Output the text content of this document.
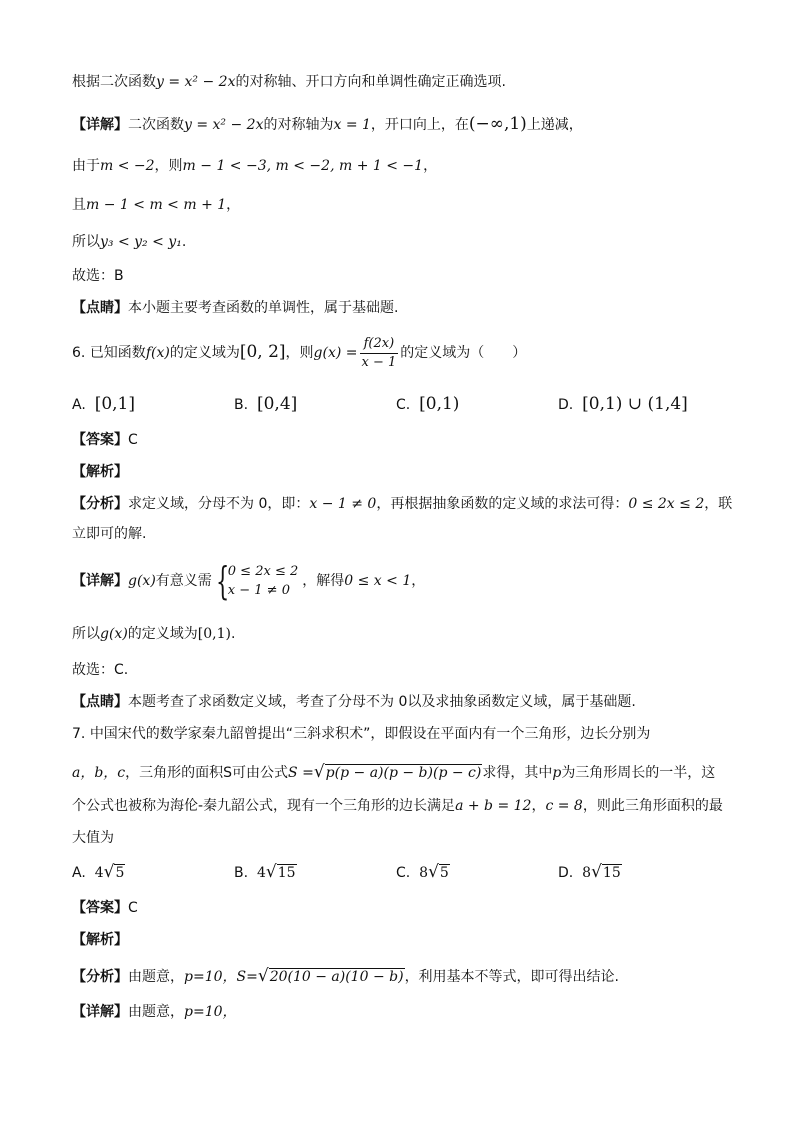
根据二次函数y = x² − 2x的对称轴、开口方向和单调性确定正确选项.
【详解】二次函数y = x² − 2x的对称轴为x = 1，开口向上，在(−∞,1)上递减，
由于m < −2，则m − 1 < −3, m < −2, m + 1 < −1，
且m − 1 < m < m + 1，
所以y₃ < y₂ < y₁.
故选：B
【点睛】本小题主要考查函数的单调性，属于基础题.
6. 已知函数f(x)的定义域为[0, 2]，则$g(x) = \frac{f(2x)}{x - 1}$ 的定义域为（　　）
A. [0,1]	B. [0,4]	C. [0,1)	D. [0,1) ∪ (1,4]
【答案】C
【解析】
【分析】求定义域，分母不为 0，即：x − 1 ≠ 0，再根据抽象函数的定义域的求法可得：0 ≤ 2x ≤ 2，联
立即可的解.
【详解】g(x)有意义需 {
0 ≤ 2x ≤ 2
x − 1 ≠ 0
，解得0 ≤ x < 1，
所以g(x)的定义域为[0,1).
故选：C.
【点睛】本题考查了求函数定义域，考查了分母不为 0以及求抽象函数定义域，属于基础题.
7. 中国宋代的数学家秦九韶曾提出“三斜求积术”，即假设在平面内有一个三角形，边长分别为
a，b，c，三角形的面积S可由公式S =√p(p − a)(p − b)(p − c)求得，其中p为三角形周长的一半，这
个公式也被称为海伦-秦九韶公式，现有一个三角形的边长满足a + b = 12，c = 8，则此三角形面积的最
大值为
A. 4√5	B. 4√15	C. 8√5	D. 8√15
【答案】C
【解析】
【分析】由题意，p=10，S=√20(10 − a)(10 − b)，利用基本不等式，即可得出结论.
【详解】由题意，p=10，
